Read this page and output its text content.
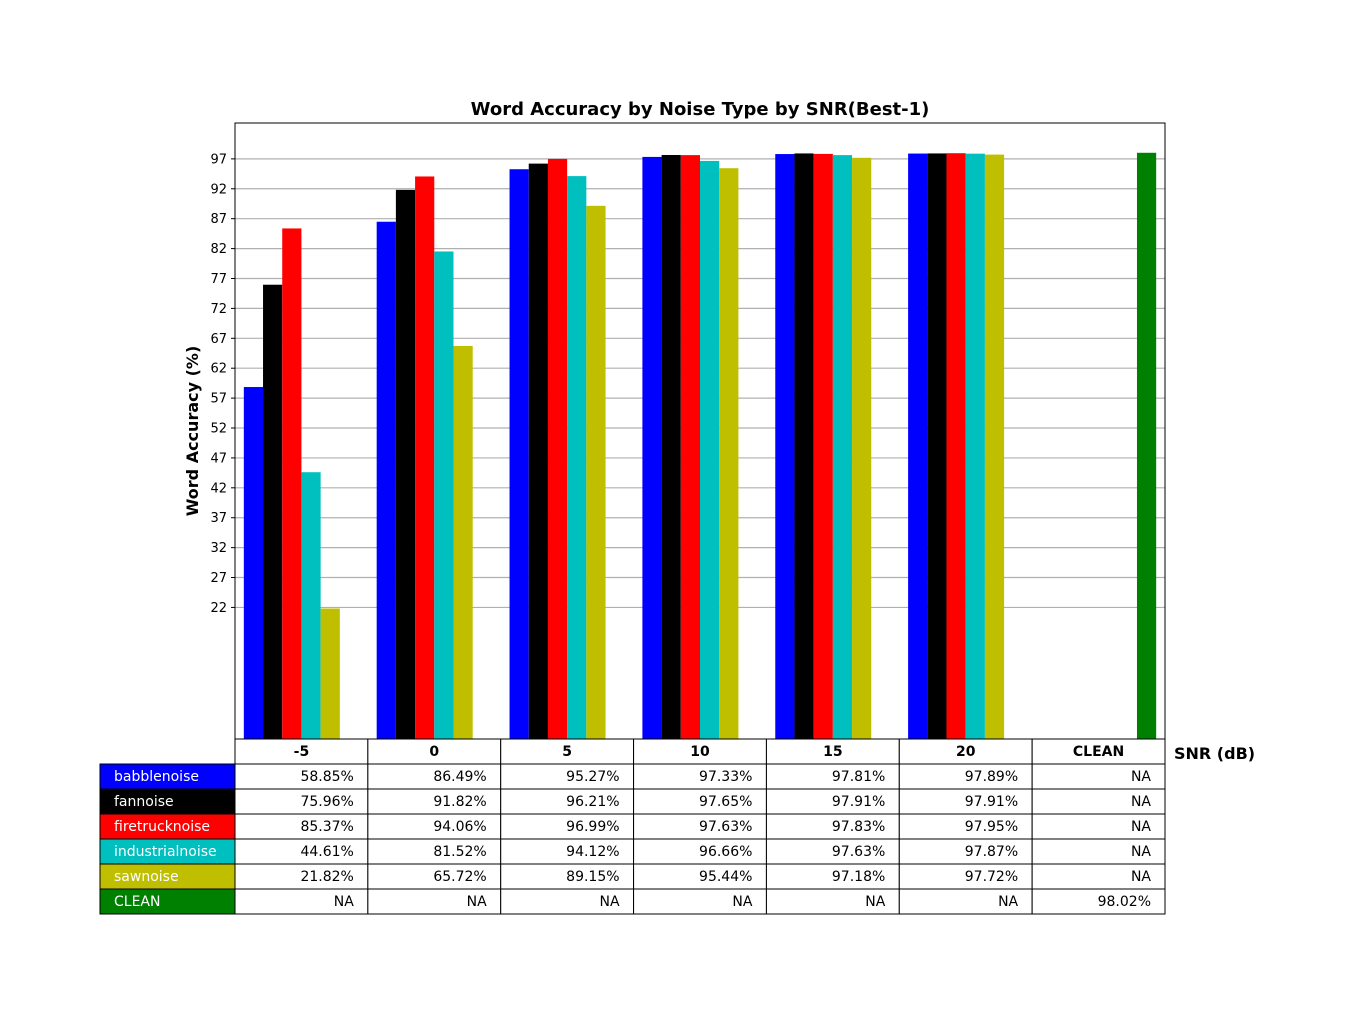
22
27
32
37
42
47
52
57
62
67
72
77
82
87
92
97
Word Accuracy by Noise Type by SNR(Best-1)
Word Accuracy (%)
-5	0	5	10	15	20	CLEAN
babblenoise	58.85%	86.49%	95.27%	97.33%	97.81%	97.89%	NA
fannoise	75.96%	91.82%	96.21%	97.65%	97.91%	97.91%	NA
firetrucknoise	85.37%	94.06%	96.99%	97.63%	97.83%	97.95%	NA
industrialnoise	44.61%	81.52%	94.12%	96.66%	97.63%	97.87%	NA
sawnoise	21.82%	65.72%	89.15%	95.44%	97.18%	97.72%	NA
CLEAN	NA	NA	NA	NA	NA	NA	98.02%
SNR (dB)
